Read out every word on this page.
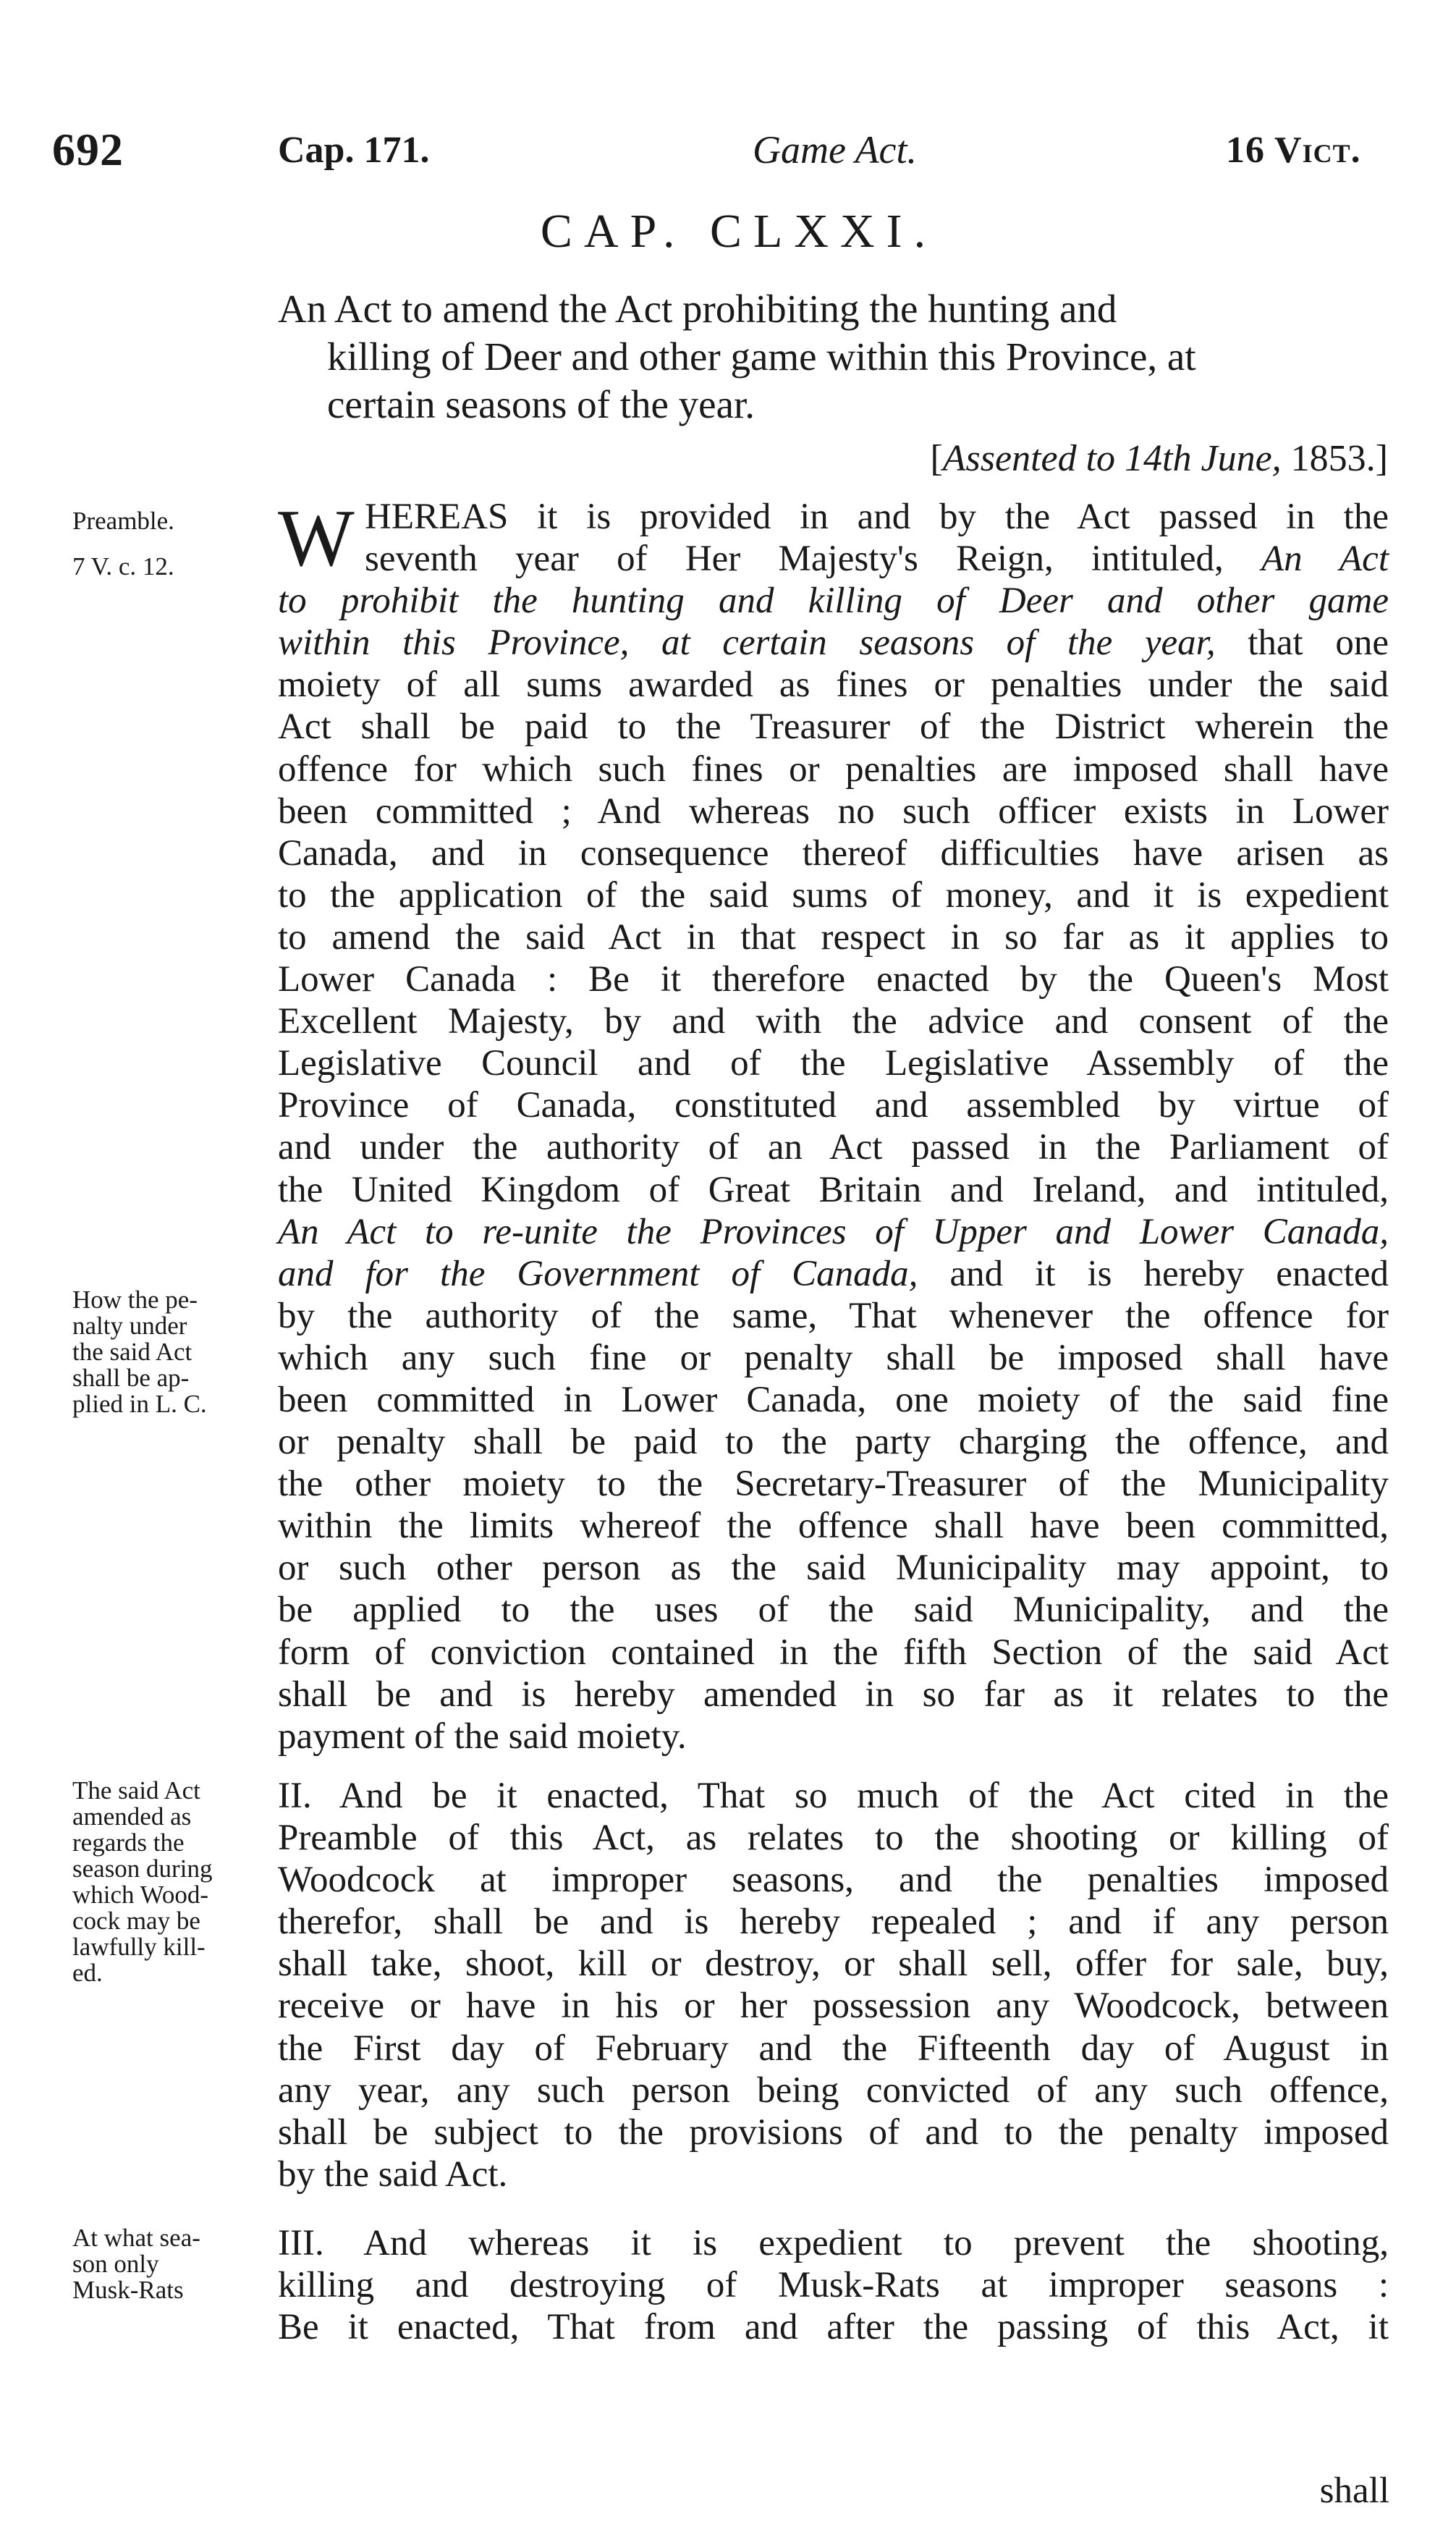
692	Cap. 171.	Game Act.	16 Vict.
CAP. CLXXI.
An Act to amend the Act prohibiting the hunting and
killing of Deer and other game within this Province, at
certain seasons of the year.
[Assented to 14th June, 1853.]
Preamble.
7 V. c. 12.
How the pe-
nalty under
the said Act
shall be ap-
plied in L. C.
The said Act
amended as
regards the
season during
which Wood-
cock may be
lawfully kill-
ed.
At what sea-
son only
Musk-Rats
W HEREAS it is provided in and by the Act passed in the
seventh year of Her Majesty's Reign, intituled, An Act
to prohibit the hunting and killing of Deer and other game
within this Province, at certain seasons of the year, that one
moiety of all sums awarded as fines or penalties under the said
Act shall be paid to the Treasurer of the District wherein the
offence for which such fines or penalties are imposed shall have
been committed ; And whereas no such officer exists in Lower
Canada, and in consequence thereof difficulties have arisen as
to the application of the said sums of money, and it is expedient
to amend the said Act in that respect in so far as it applies to
Lower Canada : Be it therefore enacted by the Queen's Most
Excellent Majesty, by and with the advice and consent of the
Legislative Council and of the Legislative Assembly of the
Province of Canada, constituted and assembled by virtue of
and under the authority of an Act passed in the Parliament of
the United Kingdom of Great Britain and Ireland, and intituled,
An Act to re-unite the Provinces of Upper and Lower Canada,
and for the Government of Canada, and it is hereby enacted
by the authority of the same, That whenever the offence for
which any such fine or penalty shall be imposed shall have
been committed in Lower Canada, one moiety of the said fine
or penalty shall be paid to the party charging the offence, and
the other moiety to the Secretary-Treasurer of the Municipality
within the limits whereof the offence shall have been committed,
or such other person as the said Municipality may appoint, to
be applied to the uses of the said Municipality, and the
form of conviction contained in the fifth Section of the said Act
shall be and is hereby amended in so far as it relates to the
payment of the said moiety.
II. And be it enacted, That so much of the Act cited in the
Preamble of this Act, as relates to the shooting or killing of
Woodcock at improper seasons, and the penalties imposed
therefor, shall be and is hereby repealed ; and if any person
shall take, shoot, kill or destroy, or shall sell, offer for sale, buy,
receive or have in his or her possession any Woodcock, between
the First day of February and the Fifteenth day of August in
any year, any such person being convicted of any such offence,
shall be subject to the provisions of and to the penalty imposed
by the said Act.
III. And whereas it is expedient to prevent the shooting,
killing and destroying of Musk-Rats at improper seasons :
Be it enacted, That from and after the passing of this Act, it
shall
